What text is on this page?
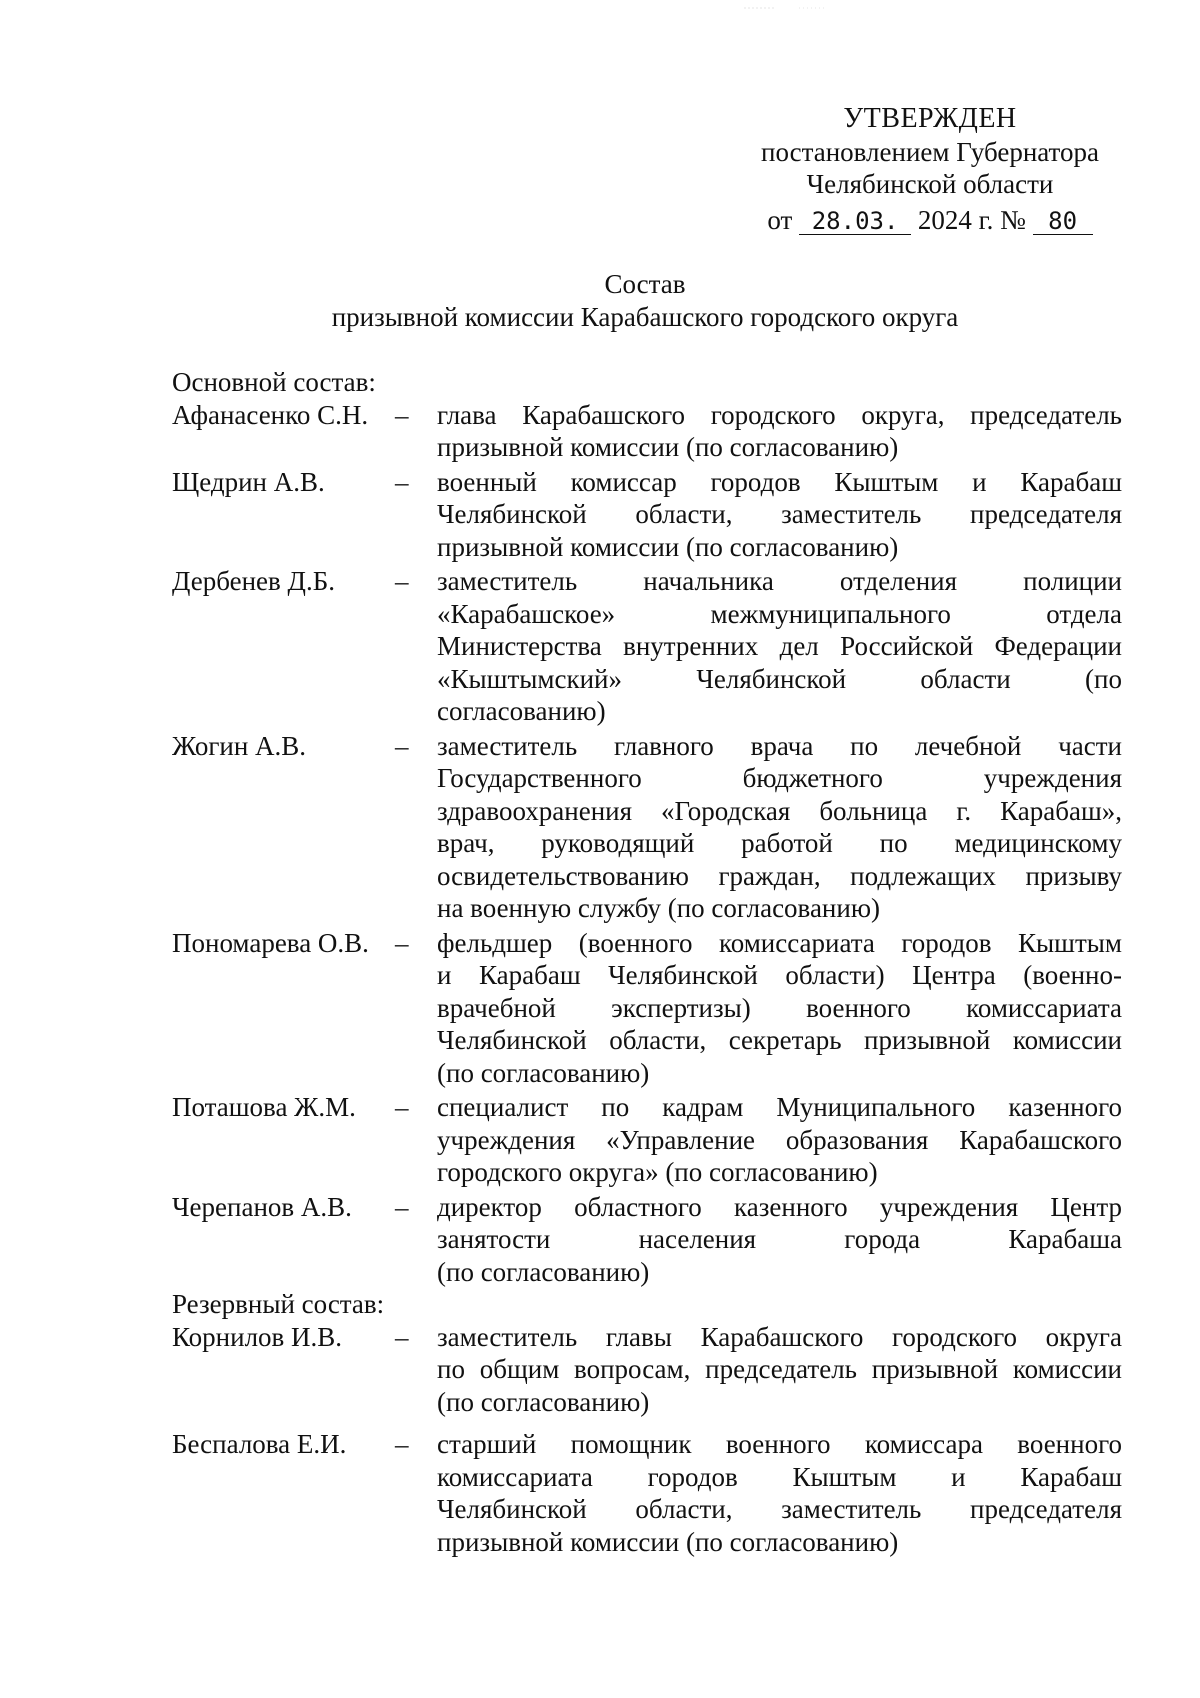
УТВЕРЖДЕН
постановлением Губернатора
Челябинской области
от 28.03. 2024 г. № 80
Состав
призывной комиссии Карабашского городского округа
Основной состав:
Афанасенко С.Н. –	глава Карабашского городского округа, председатель
призывной комиссии (по согласованию)
Щедрин А.В.	–	военный комиссар городов Кыштым и Карабаш
Челябинской области, заместитель председателя
призывной комиссии (по согласованию)
Дербенев Д.Б.	–	заместитель начальника отделения полиции
«Карабашское» межмуниципального отдела
Министерства внутренних дел Российской Федерации
«Кыштымский» Челябинской области (по
согласованию)
Жогин А.В.	–	заместитель главного врача по лечебной части
Государственного бюджетного учреждения
здравоохранения «Городская больница г. Карабаш»,
врач, руководящий работой по медицинскому
освидетельствованию граждан, подлежащих призыву
на военную службу (по согласованию)
Пономарева О.В. –	фельдшер (военного комиссариата городов Кыштым
и Карабаш Челябинской области) Центра (военно-
врачебной экспертизы) военного комиссариата
Челябинской области, секретарь призывной комиссии
(по согласованию)
Поташова Ж.М.	–	специалист по кадрам Муниципального казенного
учреждения «Управление образования Карабашского
городского округа» (по согласованию)
Черепанов А.В.	–	директор областного казенного учреждения Центр
занятости населения города Карабаша
(по согласованию)
Резервный состав:
Корнилов И.В.	–	заместитель главы Карабашского городского округа
по общим вопросам, председатель призывной комиссии
(по согласованию)
Беспалова Е.И.	–	старший помощник военного комиссара военного
комиссариата городов Кыштым и Карабаш
Челябинской области, заместитель председателя
призывной комиссии (по согласованию)
